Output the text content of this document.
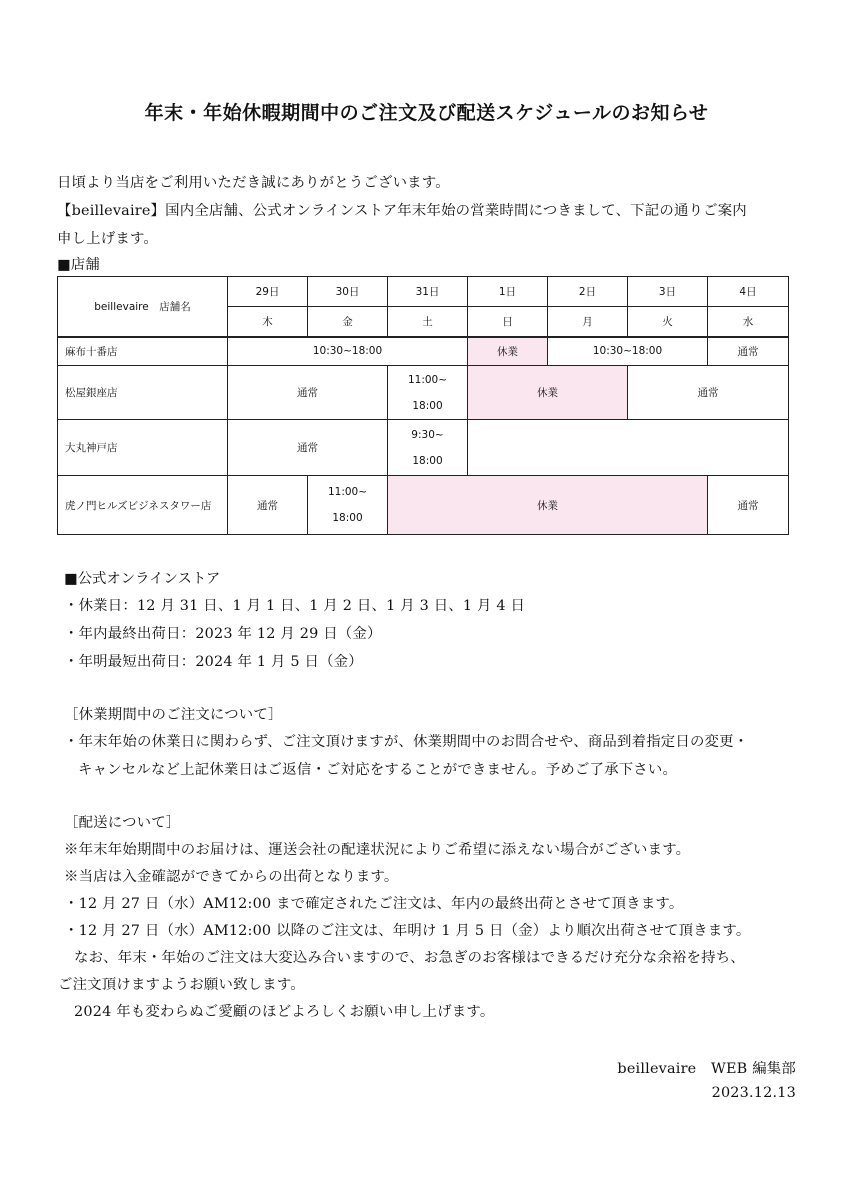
年末・年始休暇期間中のご注文及び配送スケジュールのお知らせ
日頃より当店をご利用いただき誠にありがとうございます。
【beillevaire】国内全店舗、公式オンラインストア年末年始の営業時間につきまして、下記の通りご案内
申し上げます。
■店舗
beillevaire　店舗名	29日	30日	31日	1日	2日	3日	4日
	木	金	土	日	月	火	水
麻布十番店	10:30~18:00			休業	10:30~18:00		通常
松屋銀座店	通常		11:00~
18:00	休業		通常	
大丸神戸店	通常		9:30~
18:00				
虎ノ門ヒルズビジネスタワー店	通常	11:00~
18:00	休業				通常
■公式オンラインストア
・休業日：12 月 31 日、1 月 1 日、1 月 2 日、1 月 3 日、1 月 4 日
・年内最終出荷日：2023 年 12 月 29 日（金）
・年明最短出荷日：2024 年 1 月 5 日（金）
［休業期間中のご注文について］
・年末年始の休業日に関わらず、ご注文頂けますが、休業期間中のお問合せや、商品到着指定日の変更・
キャンセルなど上記休業日はご返信・ご対応をすることができません。予めご了承下さい。
［配送について］
※年末年始期間中のお届けは、運送会社の配達状況によりご希望に添えない場合がございます。
※当店は入金確認ができてからの出荷となります。
・12 月 27 日（水）AM12:00 まで確定されたご注文は、年内の最終出荷とさせて頂きます。
・12 月 27 日（水）AM12:00 以降のご注文は、年明け 1 月 5 日（金）より順次出荷させて頂きます。
なお、年末・年始のご注文は大変込み合いますので、お急ぎのお客様はできるだけ充分な余裕を持ち、
ご注文頂けますようお願い致します。
2024 年も変わらぬご愛顧のほどよろしくお願い申し上げます。
beillevaire　WEB 編集部
2023.12.13
